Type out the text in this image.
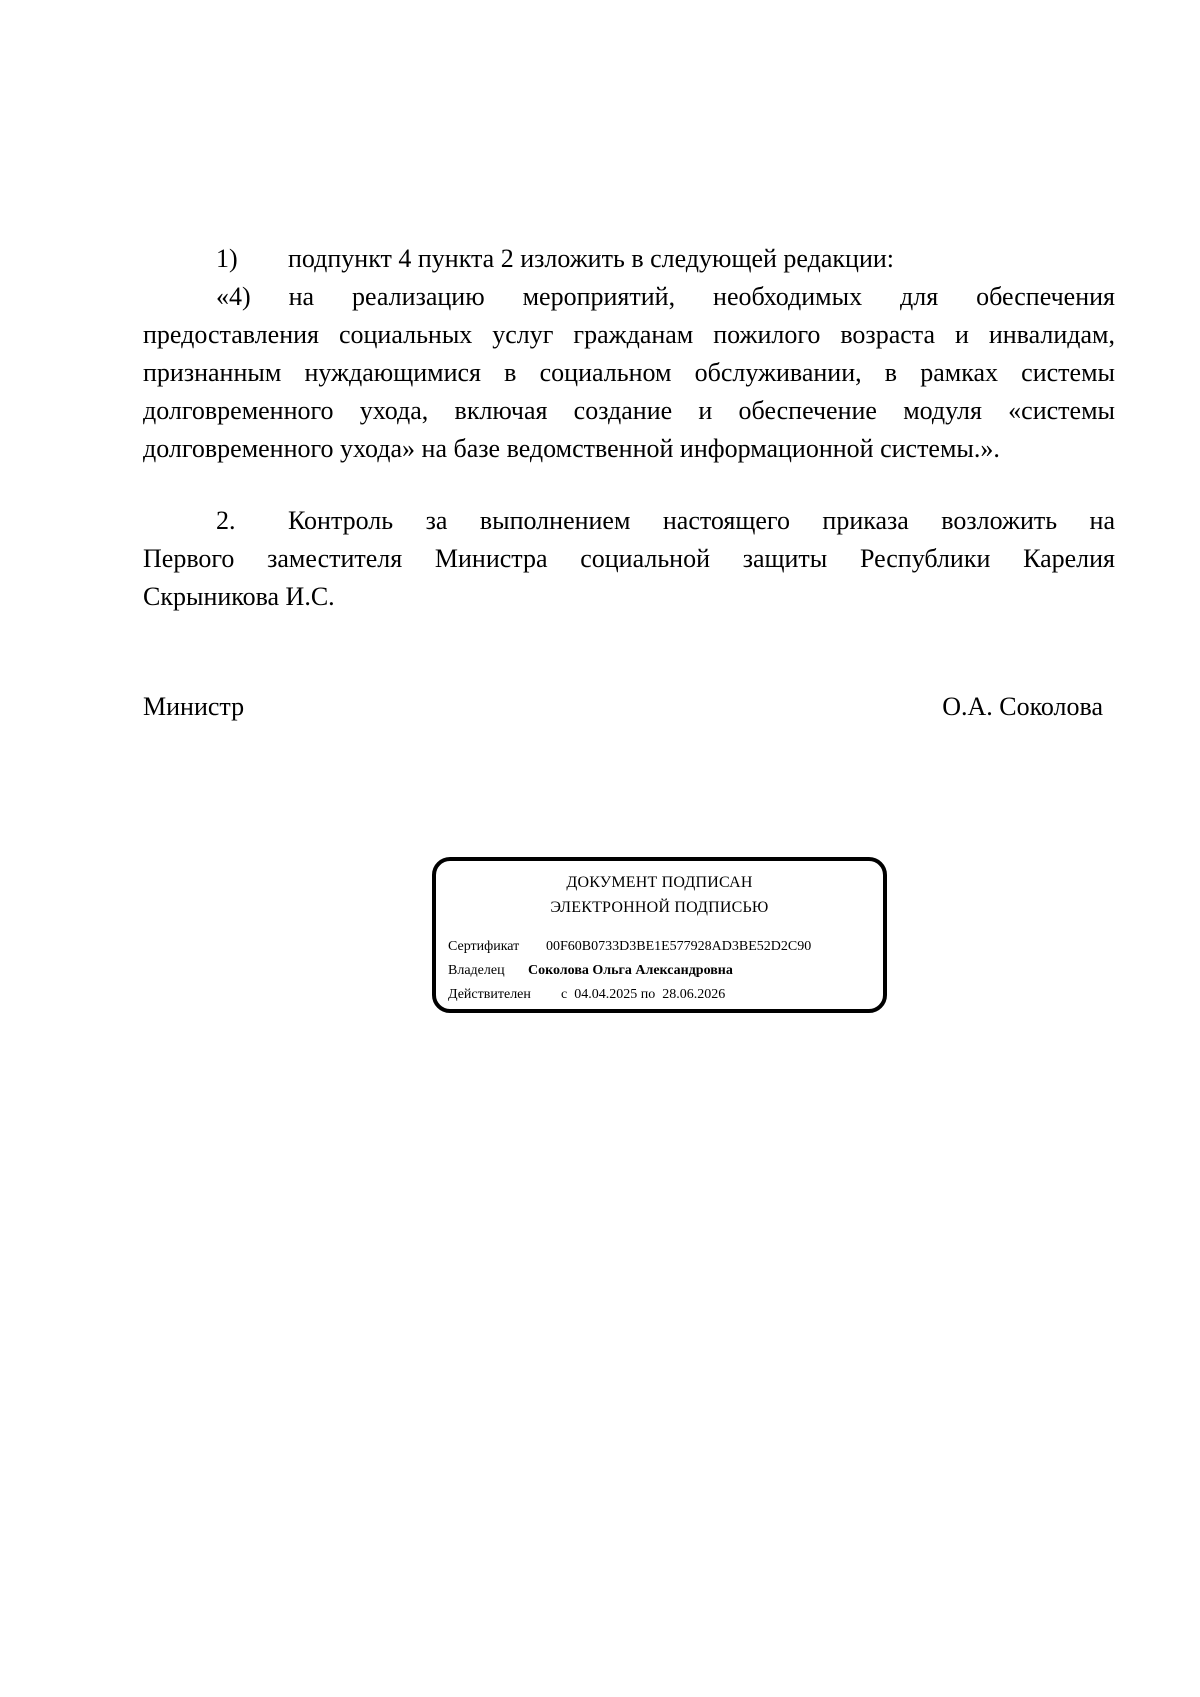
1) подпункт 4 пункта 2 изложить в следующей редакции:
«4) на реализацию мероприятий, необходимых для обеспечения
предоставления социальных услуг гражданам пожилого возраста и инвалидам,
признанным нуждающимися в социальном обслуживании, в рамках системы
долговременного ухода, включая создание и обеспечение модуля «системы
долговременного ухода» на базе ведомственной информационной системы.».
2.	Контроль за выполнением настоящего приказа возложить на
Первого заместителя Министра социальной защиты Республики Карелия
Скрыникова И.С.
Министр	О.А. Соколова
ДОКУМЕНТ ПОДПИСАН
ЭЛЕКТРОННОЙ ПОДПИСЬЮ
Сертификат 00F60B0733D3BE1E577928AD3BE52D2C90
Владелец Соколова Ольга Александровна
Действителен с 04.04.2025 по 28.06.2026
